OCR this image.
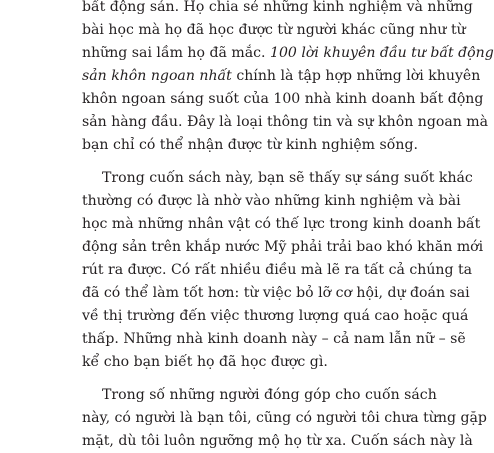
bất động sản. Họ chia sẻ những kinh nghiệm và những
bài học mà họ đã học được từ người khác cũng như từ
những sai lầm họ đã mắc. 100 lời khuyên đầu tư bất động
sản khôn ngoan nhất chính là tập hợp những lời khuyên
khôn ngoan sáng suốt của 100 nhà kinh doanh bất động
sản hàng đầu. Đây là loại thông tin và sự khôn ngoan mà
bạn chỉ có thể nhận được từ kinh nghiệm sống.
Trong cuốn sách này, bạn sẽ thấy sự sáng suốt khác
thường có được là nhờ vào những kinh nghiệm và bài
học mà những nhân vật có thế lực trong kinh doanh bất
động sản trên khắp nước Mỹ phải trải bao khó khăn mới
rút ra được. Có rất nhiều điều mà lẽ ra tất cả chúng ta
đã có thể làm tốt hơn: từ việc bỏ lỡ cơ hội, dự đoán sai
về thị trường đến việc thương lượng quá cao hoặc quá
thấp. Những nhà kinh doanh này – cả nam lẫn nữ – sẽ
kể cho bạn biết họ đã học được gì.
Trong số những người đóng góp cho cuốn sách
này, có người là bạn tôi, cũng có người tôi chưa từng gặp
mặt, dù tôi luôn ngưỡng mộ họ từ xa. Cuốn sách này là
